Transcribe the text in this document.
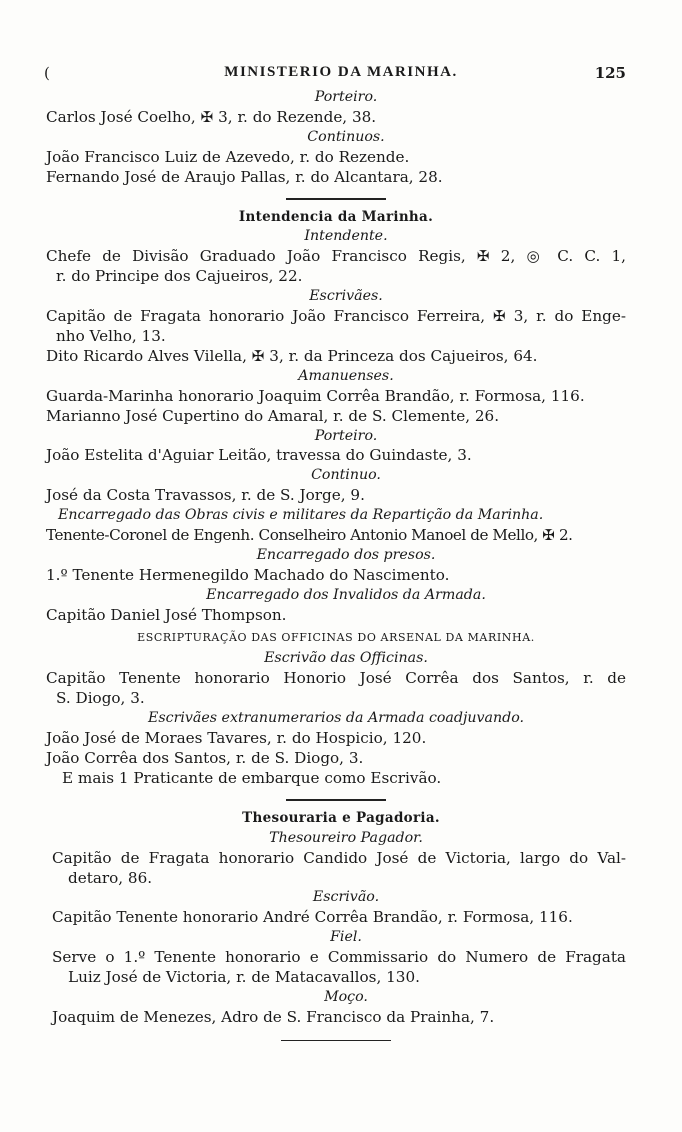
(	MINISTERIO DA MARINHA.	125
Porteiro.
Carlos José Coelho, ✠ 3, r. do Rezende, 38.
Continuos.
João Francisco Luiz de Azevedo, r. do Rezende.
Fernando José de Araujo Pallas, r. do Alcantara, 28.
Intendencia da Marinha.
Intendente.
Chefe de Divisão Graduado João Francisco Regis, ✠ 2, ◎ C. C. 1,
r. do Principe dos Cajueiros, 22.
Escrivães.
Capitão de Fragata honorario João Francisco Ferreira, ✠ 3, r. do Enge-
nho Velho, 13.
Dito Ricardo Alves Vilella, ✠ 3, r. da Princeza dos Cajueiros, 64.
Amanuenses.
Guarda-Marinha honorario Joaquim Corrêa Brandão, r. Formosa, 116.
Marianno José Cupertino do Amaral, r. de S. Clemente, 26.
Porteiro.
João Estelita d'Aguiar Leitão, travessa do Guindaste, 3.
Continuo.
José da Costa Travassos, r. de S. Jorge, 9.
Encarregado das Obras civis e militares da Repartição da Marinha.
Tenente-Coronel de Engenh. Conselheiro Antonio Manoel de Mello, ✠ 2.
Encarregado dos presos.
1.º Tenente Hermenegildo Machado do Nascimento.
Encarregado dos Invalidos da Armada.
Capitão Daniel José Thompson.
ESCRIPTURAÇÃO DAS OFFICINAS DO ARSENAL DA MARINHA.
Escrivão das Officinas.
Capitão Tenente honorario Honorio José Corrêa dos Santos, r. de
S. Diogo, 3.
Escrivães extranumerarios da Armada coadjuvando.
João José de Moraes Tavares, r. do Hospicio, 120.
João Corrêa dos Santos, r. de S. Diogo, 3.
E mais 1 Praticante de embarque como Escrivão.
Thesouraria e Pagadoria.
Thesoureiro Pagador.
Capitão de Fragata honorario Candido José de Victoria, largo do Val-
detaro, 86.
Escrivão.
Capitão Tenente honorario André Corrêa Brandão, r. Formosa, 116.
Fiel.
Serve o 1.º Tenente honorario e Commissario do Numero de Fragata
Luiz José de Victoria, r. de Matacavallos, 130.
Moço.
Joaquim de Menezes, Adro de S. Francisco da Prainha, 7.
